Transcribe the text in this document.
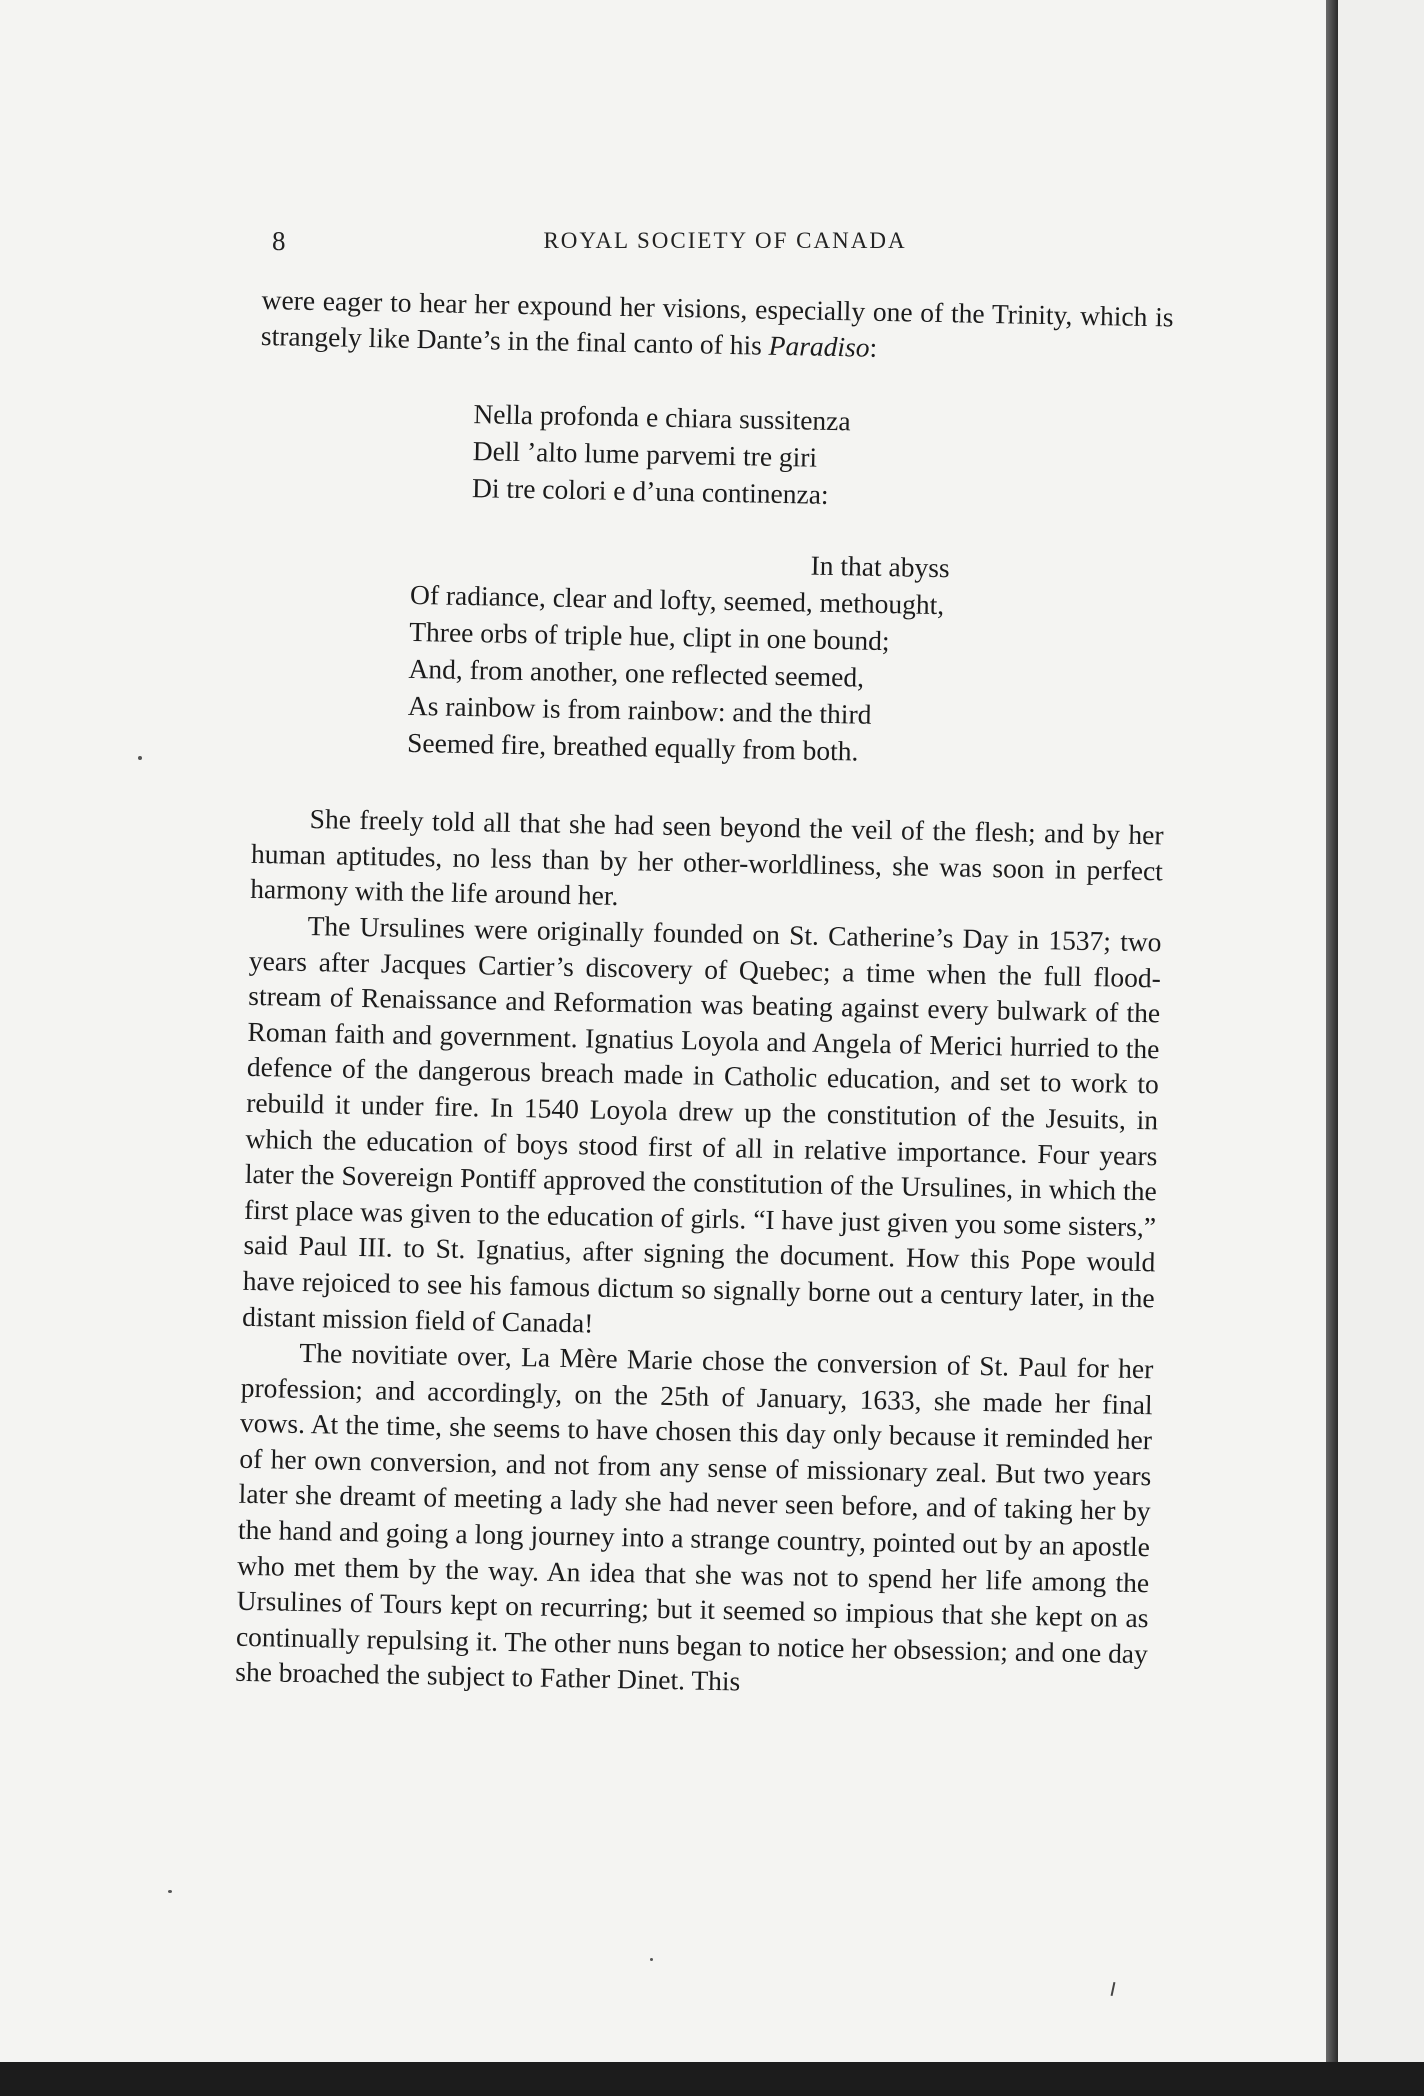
8	ROYAL SOCIETY OF CANADA

were eager to hear her expound her visions, especially one of the Trinity, which is strangely like Dante’s in the final canto of his Paradiso:

Nella profonda e chiara sussitenza
Dell ’alto lume parvemi tre giri
Di tre colori e d’una continenza:
In that abyss
Of radiance, clear and lofty, seemed, methought,
Three orbs of triple hue, clipt in one bound;
And, from another, one reflected seemed,
As rainbow is from rainbow: and the third
Seemed fire, breathed equally from both.

She freely told all that she had seen beyond the veil of the flesh; and by her human aptitudes, no less than by her other-worldliness, she was soon in perfect harmony with the life around her.

The Ursulines were originally founded on St. Catherine’s Day in 1537; two years after Jacques Cartier’s discovery of Quebec; a time when the full flood-stream of Renaissance and Reformation was beating against every bulwark of the Roman faith and government. Ignatius Loyola and Angela of Merici hurried to the defence of the dangerous breach made in Catholic education, and set to work to rebuild it under fire. In 1540 Loyola drew up the constitution of the Jesuits, in which the education of boys stood first of all in relative importance. Four years later the Sovereign Pontiff approved the constitution of the Ursulines, in which the first place was given to the education of girls. “I have just given you some sisters,” said Paul III. to St. Ignatius, after signing the document. How this Pope would have rejoiced to see his famous dictum so signally borne out a century later, in the distant mission field of Canada!

The novitiate over, La Mère Marie chose the conversion of St. Paul for her profession; and accordingly, on the 25th of January, 1633, she made her final vows. At the time, she seems to have chosen this day only because it reminded her of her own conversion, and not from any sense of missionary zeal. But two years later she dreamt of meeting a lady she had never seen before, and of taking her by the hand and going a long journey into a strange country, pointed out by an apostle who met them by the way. An idea that she was not to spend her life among the Ursulines of Tours kept on recurring; but it seemed so impious that she kept on as continually repulsing it. The other nuns began to notice her obsession; and one day she broached the subject to Father Dinet. This
